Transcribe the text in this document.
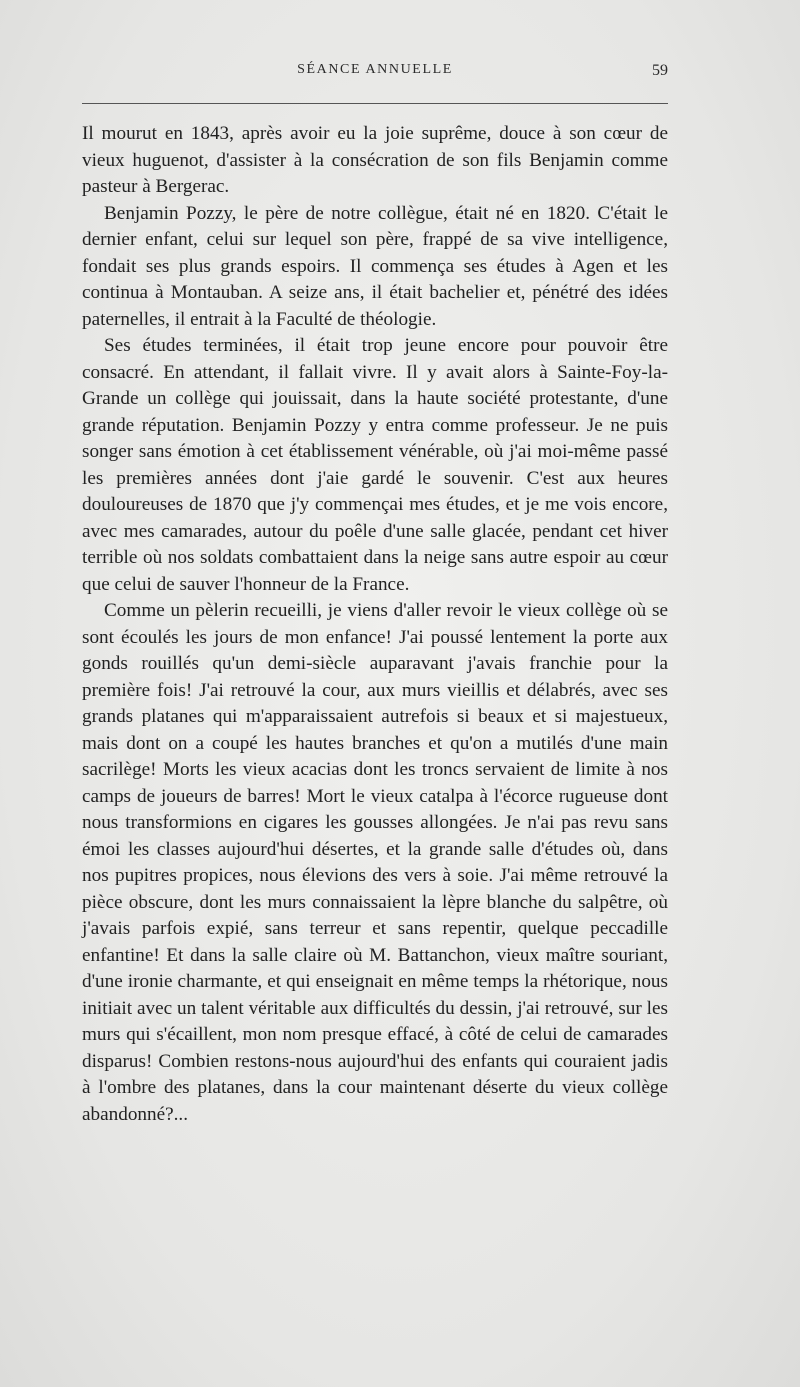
SÉANCE ANNUELLE	59

Il mourut en 1843, après avoir eu la joie suprême, douce à son cœur de vieux huguenot, d'assister à la consécration de son fils Benjamin comme pasteur à Bergerac.

Benjamin Pozzy, le père de notre collègue, était né en 1820. C'était le dernier enfant, celui sur lequel son père, frappé de sa vive intelligence, fondait ses plus grands espoirs. Il commença ses études à Agen et les continua à Montauban. A seize ans, il était bachelier et, pénétré des idées paternelles, il entrait à la Faculté de théologie.

Ses études terminées, il était trop jeune encore pour pouvoir être consacré. En attendant, il fallait vivre. Il y avait alors à Sainte-Foy-la-Grande un collège qui jouissait, dans la haute société protestante, d'une grande réputation. Benjamin Pozzy y entra comme professeur. Je ne puis songer sans émotion à cet établissement vénérable, où j'ai moi-même passé les premières années dont j'aie gardé le souvenir. C'est aux heures douloureuses de 1870 que j'y commençai mes études, et je me vois encore, avec mes camarades, autour du poêle d'une salle glacée, pendant cet hiver terrible où nos soldats combattaient dans la neige sans autre espoir au cœur que celui de sauver l'honneur de la France.

Comme un pèlerin recueilli, je viens d'aller revoir le vieux collège où se sont écoulés les jours de mon enfance! J'ai poussé lentement la porte aux gonds rouillés qu'un demi-siècle auparavant j'avais franchie pour la première fois! J'ai retrouvé la cour, aux murs vieillis et délabrés, avec ses grands platanes qui m'apparaissaient autrefois si beaux et si majestueux, mais dont on a coupé les hautes branches et qu'on a mutilés d'une main sacrilège! Morts les vieux acacias dont les troncs servaient de limite à nos camps de joueurs de barres! Mort le vieux catalpa à l'écorce rugueuse dont nous transformions en cigares les gousses allongées. Je n'ai pas revu sans émoi les classes aujourd'hui désertes, et la grande salle d'études où, dans nos pupitres propices, nous élevions des vers à soie. J'ai même retrouvé la pièce obscure, dont les murs connaissaient la lèpre blanche du salpêtre, où j'avais parfois expié, sans terreur et sans repentir, quelque peccadille enfantine! Et dans la salle claire où M. Battanchon, vieux maître souriant, d'une ironie charmante, et qui enseignait en même temps la rhétorique, nous initiait avec un talent véritable aux difficultés du dessin, j'ai retrouvé, sur les murs qui s'écaillent, mon nom presque effacé, à côté de celui de camarades disparus! Combien restons-nous aujourd'hui des enfants qui couraient jadis à l'ombre des platanes, dans la cour maintenant déserte du vieux collège abandonné?...
